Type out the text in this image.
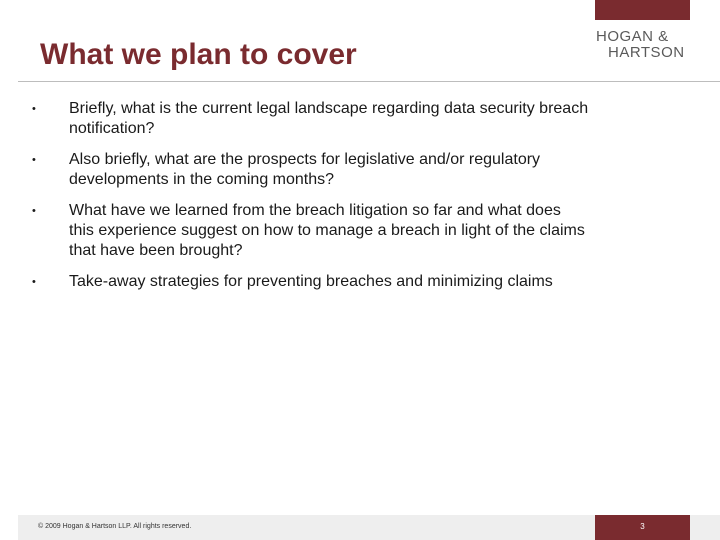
HOGAN &
HARTSON
What we plan to cover
•	Briefly, what is the current legal landscape regarding data security breach notification?
•	Also briefly, what are the prospects for legislative and/or regulatory developments in the coming months?
•	What have we learned from the breach litigation so far and what does this experience suggest on how to manage a breach in light of the claims that have been brought?
•	Take-away strategies for preventing breaches and minimizing claims
© 2009 Hogan & Hartson LLP. All rights reserved.	3
